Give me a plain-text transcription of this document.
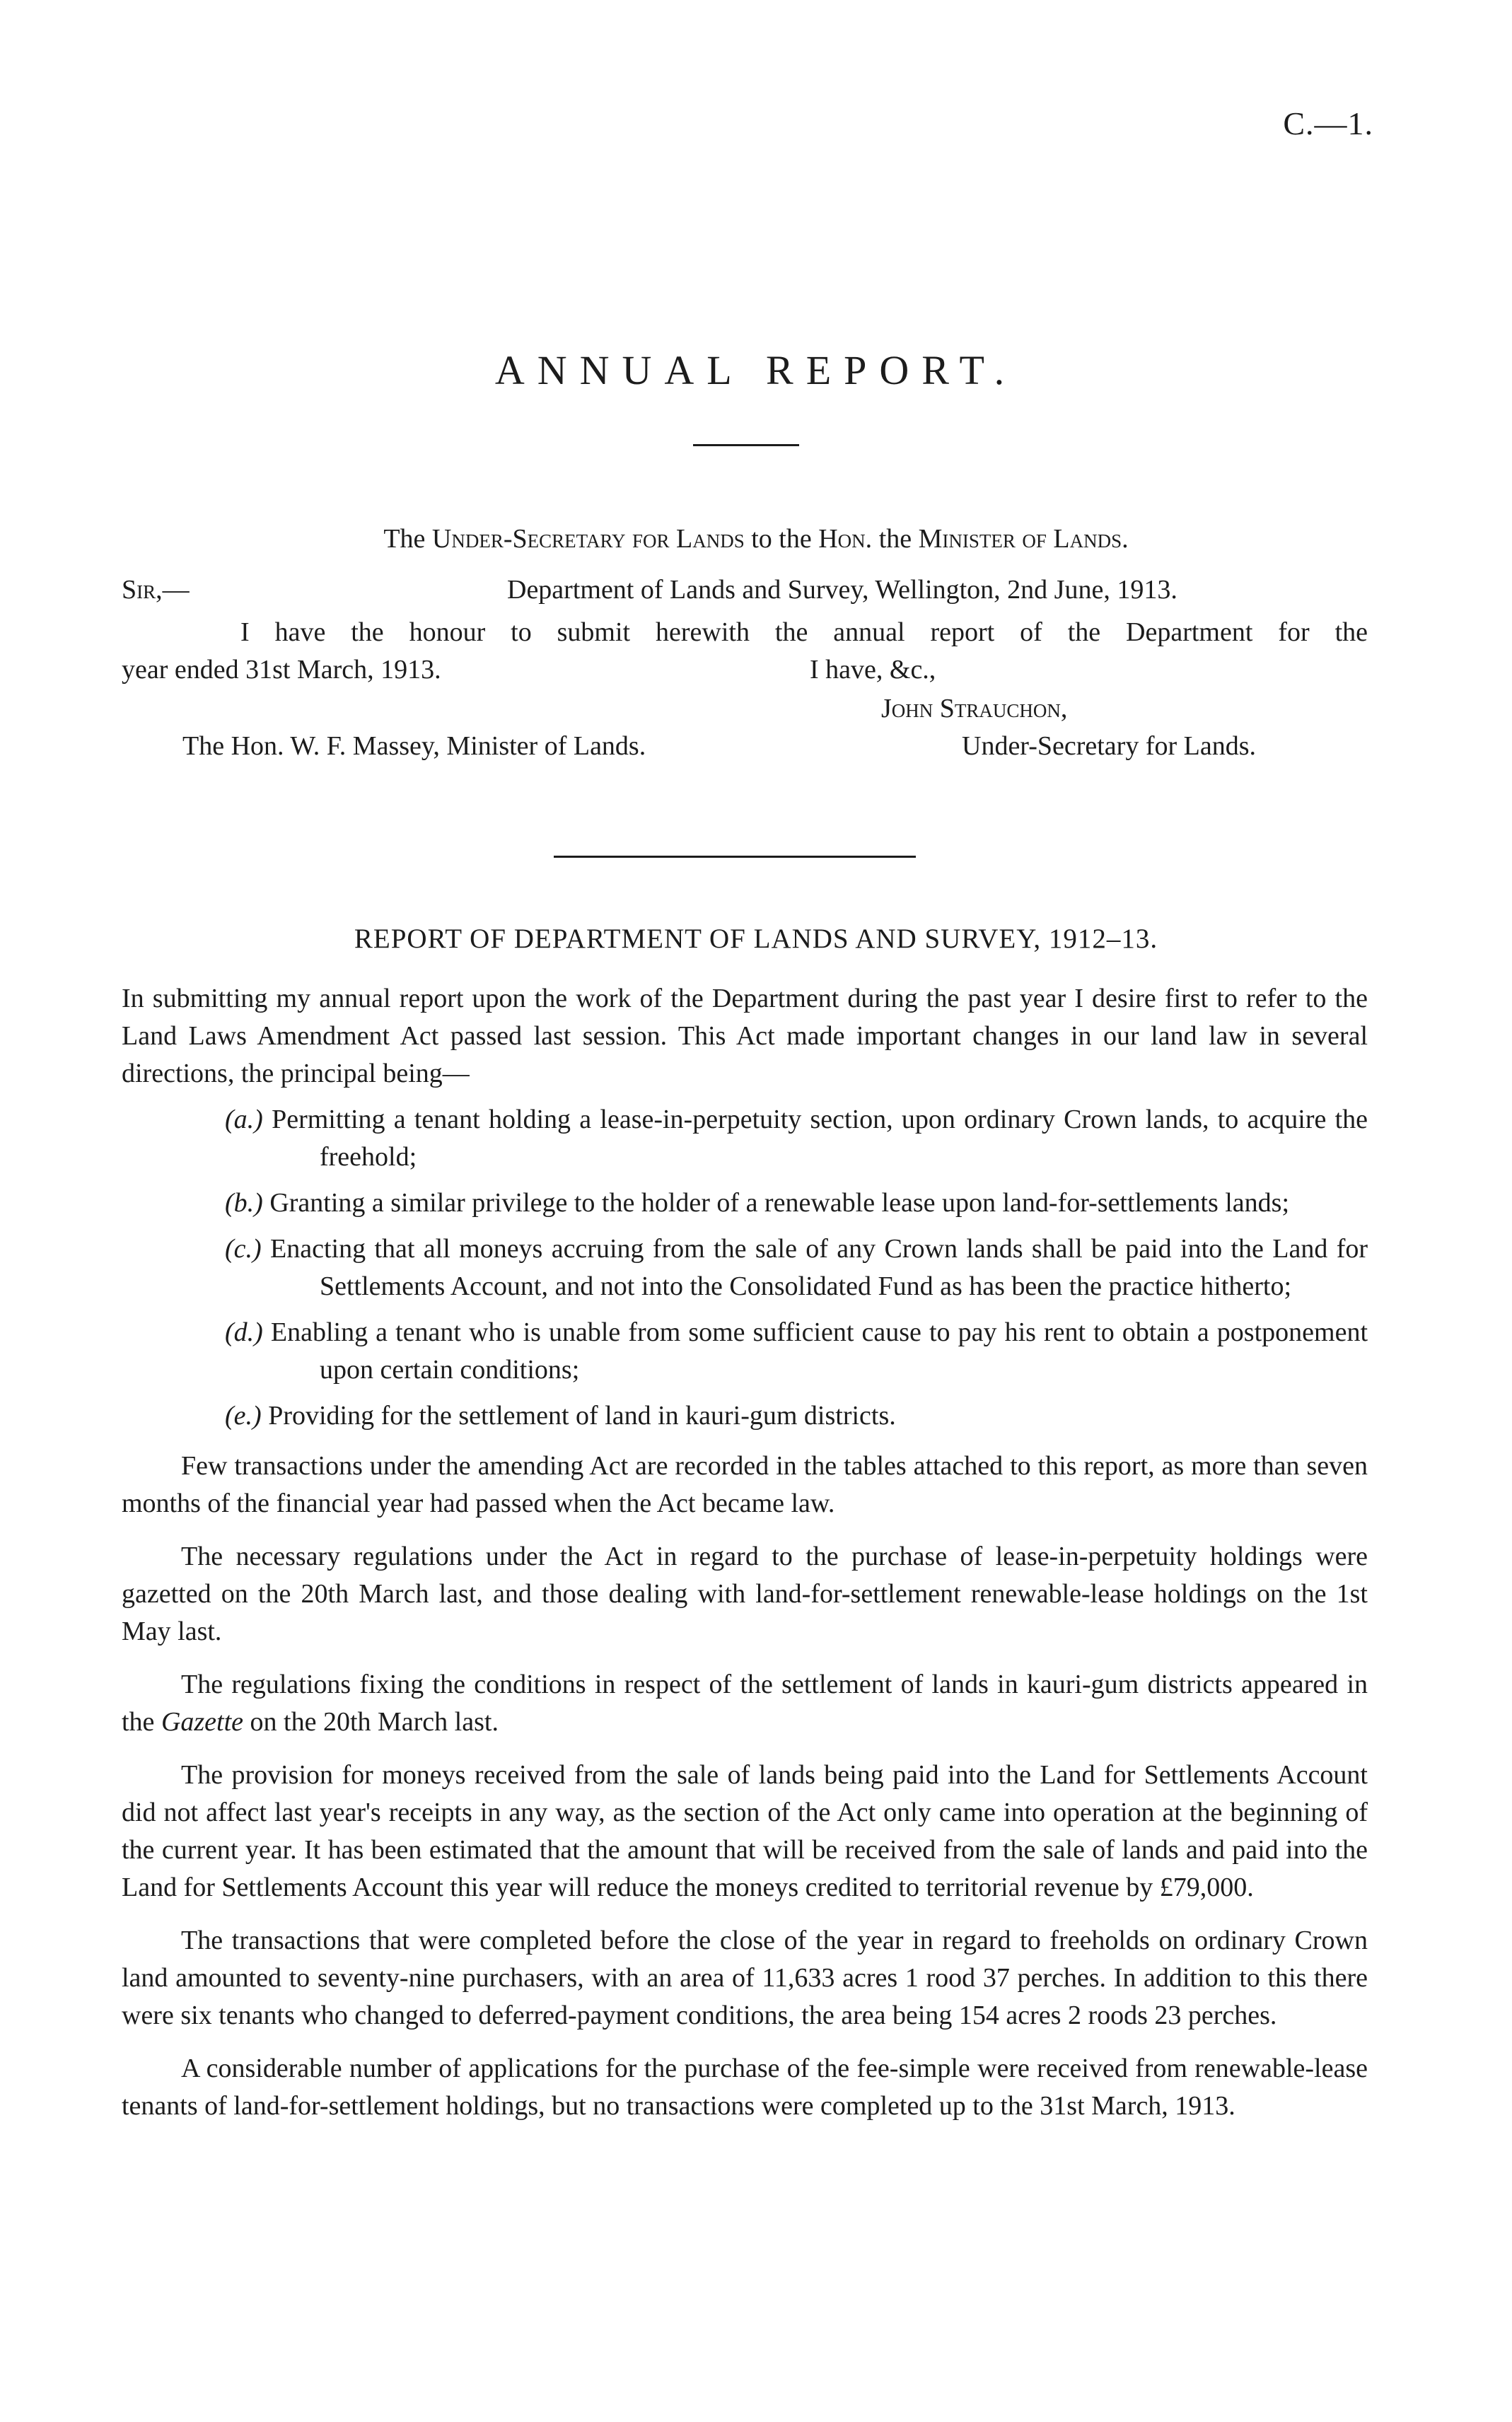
C.—1.
ANNUAL REPORT.
The Under-Secretary for Lands to the Hon. the Minister of Lands.
Sir,—	Department of Lands and Survey, Wellington, 2nd June, 1913.
I have the honour to submit herewith the annual report of the Department for the
year ended 31st March, 1913.	I have, &c.,
John Strauchon,
The Hon. W. F. Massey, Minister of Lands.	Under-Secretary for Lands.
REPORT OF DEPARTMENT OF LANDS AND SURVEY, 1912–13.

In submitting my annual report upon the work of the Department during the past year I desire first to refer to the Land Laws Amendment Act passed last session. This Act made important changes in our land law in several directions, the principal being—

(a.) Permitting a tenant holding a lease-in-perpetuity section, upon ordinary Crown lands, to acquire the freehold;
(b.) Granting a similar privilege to the holder of a renewable lease upon land-for-settlements lands;
(c.) Enacting that all moneys accruing from the sale of any Crown lands shall be paid into the Land for Settlements Account, and not into the Consolidated Fund as has been the practice hitherto;
(d.) Enabling a tenant who is unable from some sufficient cause to pay his rent to obtain a postponement upon certain conditions;
(e.) Providing for the settlement of land in kauri-gum districts.

Few transactions under the amending Act are recorded in the tables attached to this report, as more than seven months of the financial year had passed when the Act became law.

The necessary regulations under the Act in regard to the purchase of lease-in-perpetuity holdings were gazetted on the 20th March last, and those dealing with land-for-settlement renewable-lease holdings on the 1st May last.

The regulations fixing the conditions in respect of the settlement of lands in kauri-gum districts appeared in the Gazette on the 20th March last.

The provision for moneys received from the sale of lands being paid into the Land for Settlements Account did not affect last year's receipts in any way, as the section of the Act only came into operation at the beginning of the current year. It has been estimated that the amount that will be received from the sale of lands and paid into the Land for Settlements Account this year will reduce the moneys credited to territorial revenue by £79,000.

The transactions that were completed before the close of the year in regard to freeholds on ordinary Crown land amounted to seventy-nine purchasers, with an area of 11,633 acres 1 rood 37 perches. In addition to this there were six tenants who changed to deferred-payment conditions, the area being 154 acres 2 roods 23 perches.

A considerable number of applications for the purchase of the fee-simple were received from renewable-lease tenants of land-for-settlement holdings, but no transactions were completed up to the 31st March, 1913.
